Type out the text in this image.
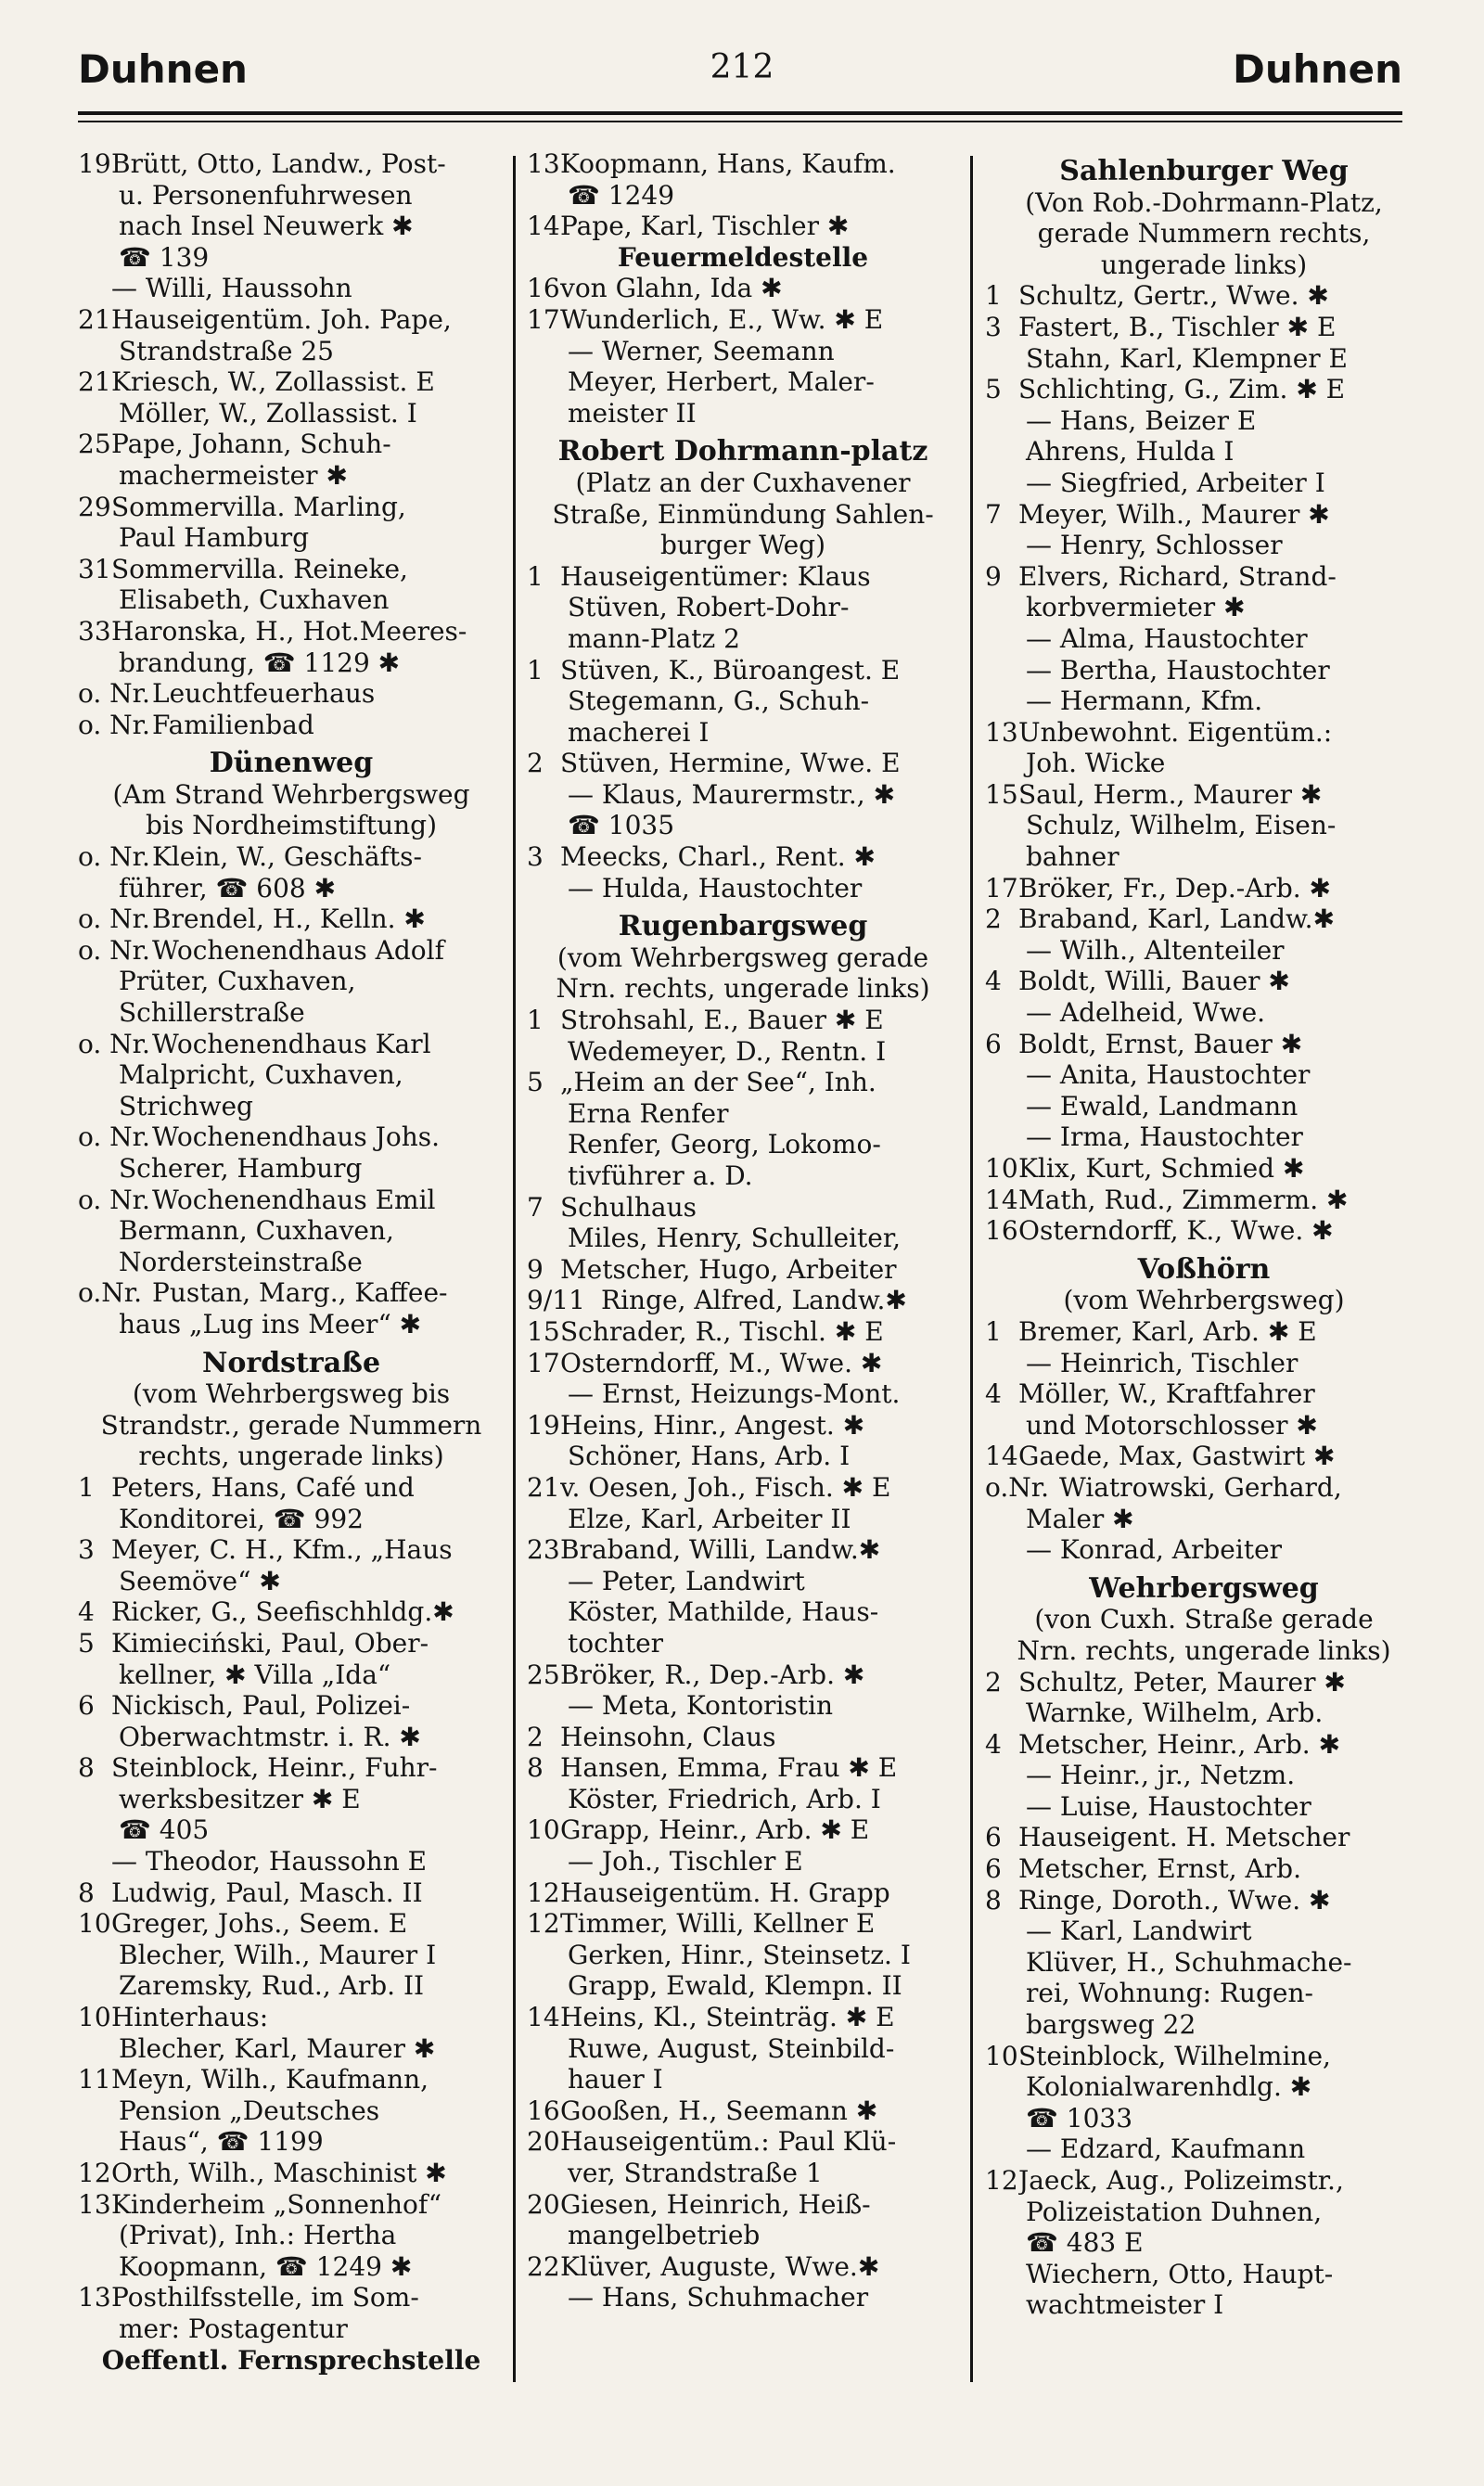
Duhnen	212	Duhnen
19 Brütt, Otto, Landw., Post-
u. Personenfuhrwesen
nach Insel Neuwerk ✱
☎ 139
— Willi, Haussohn
21 Hauseigentüm. Joh. Pape,
Strandstraße 25
21 Kriesch, W., Zollassist. E
Möller, W., Zollassist. I
25 Pape, Johann, Schuh-
machermeister ✱
29 Sommervilla. Marling,
Paul Hamburg
31 Sommervilla. Reineke,
Elisabeth, Cuxhaven
33 Haronska, H., Hot.Meeres-
brandung, ☎ 1129 ✱
o. Nr. Leuchtfeuerhaus
o. Nr. Familienbad
Dünenweg
(Am Strand Wehrbergsweg
bis Nordheimstiftung)
o. Nr. Klein, W., Geschäfts-
führer, ☎ 608 ✱
o. Nr. Brendel, H., Kelln. ✱
o. Nr. Wochenendhaus Adolf
Prüter, Cuxhaven,
Schillerstraße
o. Nr. Wochenendhaus Karl
Malpricht, Cuxhaven,
Strichweg
o. Nr. Wochenendhaus Johs.
Scherer, Hamburg
o. Nr. Wochenendhaus Emil
Bermann, Cuxhaven,
Nordersteinstraße
o.Nr. Pustan, Marg., Kaffee-
haus „Lug ins Meer“ ✱
Nordstraße
(vom Wehrbergsweg bis
Strandstr., gerade Nummern
rechts, ungerade links)
1 Peters, Hans, Café und
Konditorei, ☎ 992
3 Meyer, C. H., Kfm., „Haus
Seemöve“ ✱
4 Ricker, G., Seefischhldg.✱
5 Kimieciński, Paul, Ober-
kellner, ✱ Villa „Ida“
6 Nickisch, Paul, Polizei-
Oberwachtmstr. i. R. ✱
8 Steinblock, Heinr., Fuhr-
werksbesitzer ✱ E
☎ 405
— Theodor, Haussohn E
8 Ludwig, Paul, Masch. II
10 Greger, Johs., Seem. E
Blecher, Wilh., Maurer I
Zaremsky, Rud., Arb. II
10 Hinterhaus:
Blecher, Karl, Maurer ✱
11 Meyn, Wilh., Kaufmann,
Pension „Deutsches
Haus“, ☎ 1199
12 Orth, Wilh., Maschinist ✱
13 Kinderheim „Sonnenhof“
(Privat), Inh.: Hertha
Koopmann, ☎ 1249 ✱
13 Posthilfsstelle, im Som-
mer: Postagentur
Oeffentl. Fernsprechstelle
13 Koopmann, Hans, Kaufm.
☎ 1249
14 Pape, Karl, Tischler ✱
Feuermeldestelle
16 von Glahn, Ida ✱
17 Wunderlich, E., Ww. ✱ E
— Werner, Seemann
Meyer, Herbert, Maler-
meister II
Robert Dohrmann-platz
(Platz an der Cuxhavener
Straße, Einmündung Sahlen-
burger Weg)
1 Hauseigentümer: Klaus
Stüven, Robert-Dohr-
mann-Platz 2
1 Stüven, K., Büroangest. E
Stegemann, G., Schuh-
macherei I
2 Stüven, Hermine, Wwe. E
— Klaus, Maurermstr., ✱
☎ 1035
3 Meecks, Charl., Rent. ✱
— Hulda, Haustochter
Rugenbargsweg
(vom Wehrbergsweg gerade
Nrn. rechts, ungerade links)
1 Strohsahl, E., Bauer ✱ E
Wedemeyer, D., Rentn. I
5 „Heim an der See“, Inh.
Erna Renfer
Renfer, Georg, Lokomo-
tivführer a. D.
7 Schulhaus
Miles, Henry, Schulleiter,
9 Metscher, Hugo, Arbeiter
9/11 Ringe, Alfred, Landw.✱
15 Schrader, R., Tischl. ✱ E
17 Osterndorff, M., Wwe. ✱
— Ernst, Heizungs-Mont.
19 Heins, Hinr., Angest. ✱
Schöner, Hans, Arb. I
21 v. Oesen, Joh., Fisch. ✱ E
Elze, Karl, Arbeiter II
23 Braband, Willi, Landw.✱
— Peter, Landwirt
Köster, Mathilde, Haus-
tochter
25 Bröker, R., Dep.-Arb. ✱
— Meta, Kontoristin
2 Heinsohn, Claus
8 Hansen, Emma, Frau ✱ E
Köster, Friedrich, Arb. I
10 Grapp, Heinr., Arb. ✱ E
— Joh., Tischler E
12 Hauseigentüm. H. Grapp
12 Timmer, Willi, Kellner E
Gerken, Hinr., Steinsetz. I
Grapp, Ewald, Klempn. II
14 Heins, Kl., Steinträg. ✱ E
Ruwe, August, Steinbild-
hauer I
16 Gooßen, H., Seemann ✱
20 Hauseigentüm.: Paul Klü-
ver, Strandstraße 1
20 Giesen, Heinrich, Heiß-
mangelbetrieb
22 Klüver, Auguste, Wwe.✱
— Hans, Schuhmacher
Sahlenburger Weg
(Von Rob.-Dohrmann-Platz,
gerade Nummern rechts,
ungerade links)
1 Schultz, Gertr., Wwe. ✱
3 Fastert, B., Tischler ✱ E
Stahn, Karl, Klempner E
5 Schlichting, G., Zim. ✱ E
— Hans, Beizer E
Ahrens, Hulda I
— Siegfried, Arbeiter I
7 Meyer, Wilh., Maurer ✱
— Henry, Schlosser
9 Elvers, Richard, Strand-
korbvermieter ✱
— Alma, Haustochter
— Bertha, Haustochter
— Hermann, Kfm.
13 Unbewohnt. Eigentüm.:
Joh. Wicke
15 Saul, Herm., Maurer ✱
Schulz, Wilhelm, Eisen-
bahner
17 Bröker, Fr., Dep.-Arb. ✱
2 Braband, Karl, Landw.✱
— Wilh., Altenteiler
4 Boldt, Willi, Bauer ✱
— Adelheid, Wwe.
6 Boldt, Ernst, Bauer ✱
— Anita, Haustochter
— Ewald, Landmann
— Irma, Haustochter
10 Klix, Kurt, Schmied ✱
14 Math, Rud., Zimmerm. ✱
16 Osterndorff, K., Wwe. ✱
Voßhörn
(vom Wehrbergsweg)
1 Bremer, Karl, Arb. ✱ E
— Heinrich, Tischler
4 Möller, W., Kraftfahrer
und Motorschlosser ✱
14 Gaede, Max, Gastwirt ✱
o.Nr. Wiatrowski, Gerhard,
Maler ✱
— Konrad, Arbeiter
Wehrbergsweg
(von Cuxh. Straße gerade
Nrn. rechts, ungerade links)
2 Schultz, Peter, Maurer ✱
Warnke, Wilhelm, Arb.
4 Metscher, Heinr., Arb. ✱
— Heinr., jr., Netzm.
— Luise, Haustochter
6 Hauseigent. H. Metscher
6 Metscher, Ernst, Arb.
8 Ringe, Doroth., Wwe. ✱
— Karl, Landwirt
Klüver, H., Schuhmache-
rei, Wohnung: Rugen-
bargsweg 22
10 Steinblock, Wilhelmine,
Kolonialwarenhdlg. ✱
☎ 1033
— Edzard, Kaufmann
12 Jaeck, Aug., Polizeimstr.,
Polizeistation Duhnen,
☎ 483 E
Wiechern, Otto, Haupt-
wachtmeister I
